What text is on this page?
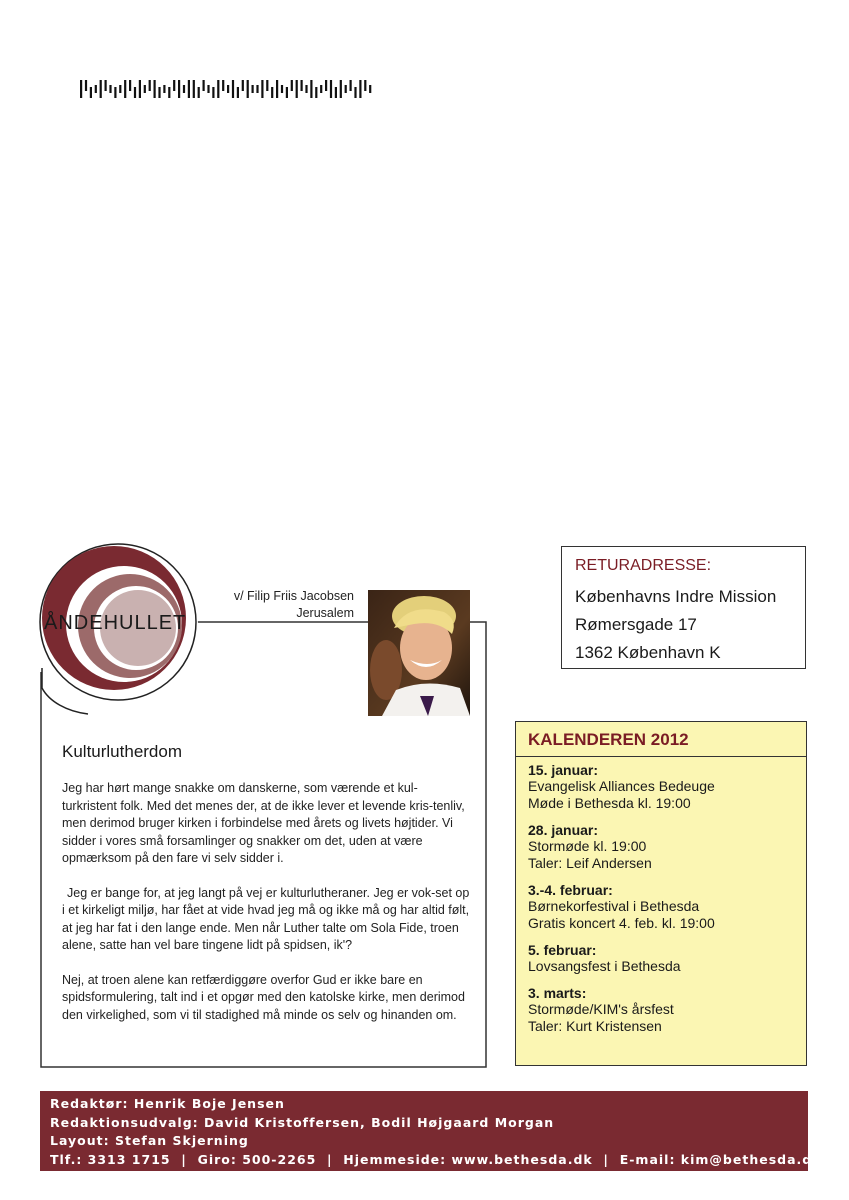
ÅNDEHULLET
v/ Filip Friis Jacobsen
Jerusalem
Kulturlutherdom

Jeg har hørt mange snakke om danskerne, som værende et kul-turkristent folk. Med det menes der, at de ikke lever et levende kris-tenliv, men derimod bruger kirken i forbindelse med årets og livets højtider. Vi sidder i vores små forsamlinger og snakker om det, uden at være opmærksom på den fare vi selv sidder i.

Jeg er bange for, at jeg langt på vej er kulturlutheraner. Jeg er vok-set op i et kirkeligt miljø, har fået at vide hvad jeg må og ikke må og har altid følt, at jeg har fat i den lange ende. Men når Luther talte om Sola Fide, troen alene, satte han vel bare tingene lidt på spidsen, ik'?

Nej, at troen alene kan retfærdiggøre overfor Gud er ikke bare en spidsformulering, talt ind i et opgør med den katolske kirke, men derimod den virkelighed, som vi til stadighed må minde os selv og hinanden om.

RETURADRESSE:
Københavns Indre Mission
Rømersgade 17
1362 København K
KALENDEREN 2012
15. januar:
Evangelisk Alliances Bedeuge
Møde i Bethesda kl. 19:00
28. januar:
Stormøde kl. 19:00
Taler: Leif Andersen
3.-4. februar:
Børnekorfestival i Bethesda
Gratis koncert 4. feb. kl. 19:00
5. februar:
Lovsangsfest i Bethesda
3. marts:
Stormøde/KIM's årsfest
Taler: Kurt Kristensen
Redaktør: Henrik Boje Jensen
Redaktionsudvalg: David Kristoffersen, Bodil Højgaard Morgan
Layout: Stefan Skjerning
Tlf.: 3313 1715  |  Giro: 500-2265  |  Hjemmeside: www.bethesda.dk  |  E-mail: kim@bethesda.dk
